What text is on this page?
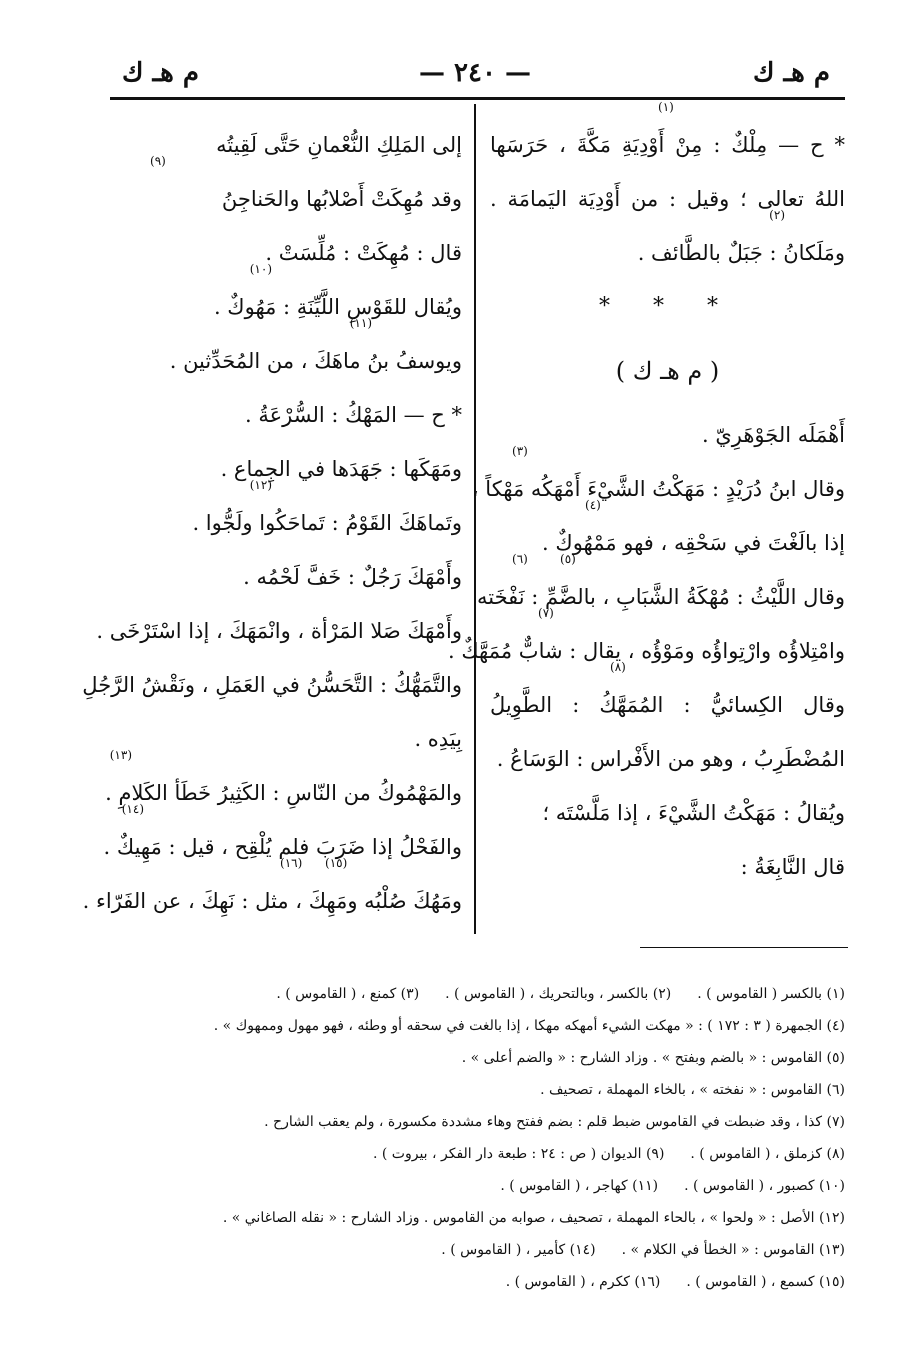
م هـ ك
— ٢٤٠ —
م هـ ك
* ح — مِلْكٌ : مِنْ أَوْدِيَةِ مَكَّةَ ، حَرَسَها
(١)
اللهُ تعالى ؛ وقيل : من أَوْدِيَة اليَمامَة .
ومَلَكانُ : جَبَلٌ بالطَّائف .
(٢)
* * *
( م هـ ك )
أَهْمَلَه الجَوْهَرِيّ .
وقال ابنُ دُرَيْدٍ : مَهَكْتُ الشَّيْءَ أَمْهَكُه مَهْكاً ،
(٣)
إذا بالَغْتَ في سَحْقِه ، فهو مَمْهُوكٌ .
(٤)
وقال اللَّيْثُ : مُهْكَةُ الشَّبَابِ ، بالضَّمِّ : نَفْخَته
(٥)
(٦)
وامْتِلاؤُه وارْتِواؤُه ومَوْؤُه ، يقال : شابٌّ مُمَهَّكٌ .
(٧)
وقال الكِسائيُّ : المُمَهَّكُ : الطَّوِيلُ
(٨)
المُضْطَرِبُ ، وهو من الأَفْراس : الوَسَاعُ .
ويُقالُ : مَهَكْتُ الشَّيْءَ ، إذا مَلَّسْتَه ؛
قال النَّابِغَةُ :
إلى المَلِكِ النُّعْمانِ حَتَّى لَقِيتُه
وقد مُهِكَتْ أَصْلابُها والحَناجِنُ
(٩)
قال : مُهِكَتْ : مُلِّسَتْ .
ويُقال للقَوْسِ اللَّيِّنَةِ : مَهُوكٌ .
(١٠)
ويوسفُ بنُ ماهَكَ ، من المُحَدِّثين .
(١١)
* ح — المَهْكُ : السُّرْعَةُ .
ومَهَكَها : جَهَدَها في الجِماع .
وتَماهَكَ القَوْمُ : تَماحَكُوا ولَجُّوا .
(١٢)
وأَمْهَكَ رَجُلٌ : خَفَّ لَحْمُه .
وأَمْهَكَ صَلا المَرْأة ، وانْمَهَكَ ، إذا اسْتَرْخَى .
والتَّمَهُّكُ : التَّحَسُّنُ في العَمَلِ ، ونَقْشُ الرَّجُلِ
بِيَدِه .
والمَهْمُوكُ من النّاسِ : الكَثِيرُ خَطَأ الكَلامِ .
(١٣)
والفَحْلُ إذا ضَرَبَ فلم يُلْقِح ، قيل : مَهِيكٌ .
(١٤)
ومَهُكَ صُلْبُه ومَهِكَ ، مثل : نَهِكَ ، عن الفَرّاء .
(١٥)
(١٦)
(١) بالكسر ( القاموس ) .
(٢) بالكسر ، وبالتحريك ، ( القاموس ) .
(٣) كمنع ، ( القاموس ) .
(٤) الجمهرة ( ٣ : ١٧٢ ) : « مهكت الشيء أمهكه مهكا ، إذا بالغت في سحقه أو وطئه ، فهو مهول وممهوك » .
(٥) القاموس : « بالضم وبفتح » . وزاد الشارح : « والضم أعلى » .
(٦) القاموس : « نفخته » ، بالخاء المهملة ، تصحيف .
(٧) كذا ، وقد ضبطت في القاموس ضبط قلم : بضم ففتح وهاء مشددة مكسورة ، ولم يعقب الشارح .
(٨) كزملق ، ( القاموس ) .
(٩) الديوان ( ص : ٢٤ : طبعة دار الفكر ، بيروت ) .
(١٠) كصبور ، ( القاموس ) .
(١١) كهاجر ، ( القاموس ) .
(١٢) الأصل : « ولحوا » ، بالحاء المهملة ، تصحيف ، صوابه من القاموس . وزاد الشارح : « نقله الصاغاني » .
(١٣) القاموس : « الخطأ في الكلام » .
(١٤) كأمير ، ( القاموس ) .
(١٥) كسمع ، ( القاموس ) .
(١٦) ككرم ، ( القاموس ) .
